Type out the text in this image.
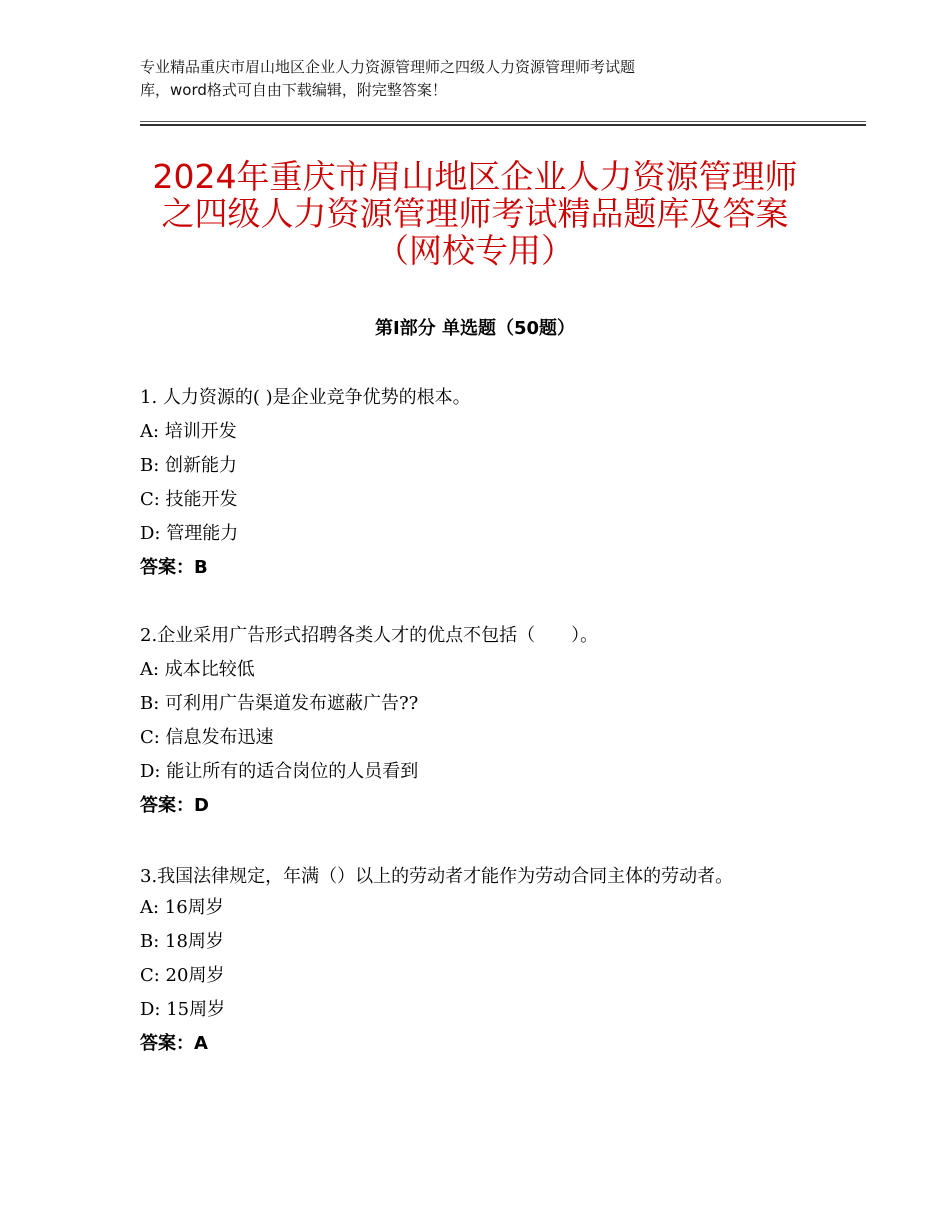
专业精品重庆市眉山地区企业人力资源管理师之四级人力资源管理师考试题
库，word格式可自由下载编辑，附完整答案！
2024年重庆市眉山地区企业人力资源管理师
之四级人力资源管理师考试精品题库及答案
（网校专用）
第Ⅰ部分 单选题（50题）
1. 人力资源的( )是企业竞争优势的根本。
A: 培训开发
B: 创新能力
C: 技能开发
D: 管理能力
答案：B
2.企业采用广告形式招聘各类人才的优点不包括（　　）。
A: 成本比较低
B: 可利用广告渠道发布遮蔽广告??
C: 信息发布迅速
D: 能让所有的适合岗位的人员看到
答案：D
3.我国法律规定，年满（）以上的劳动者才能作为劳动合同主体的劳动者。
A: 16周岁
B: 18周岁
C: 20周岁
D: 15周岁
答案：A
